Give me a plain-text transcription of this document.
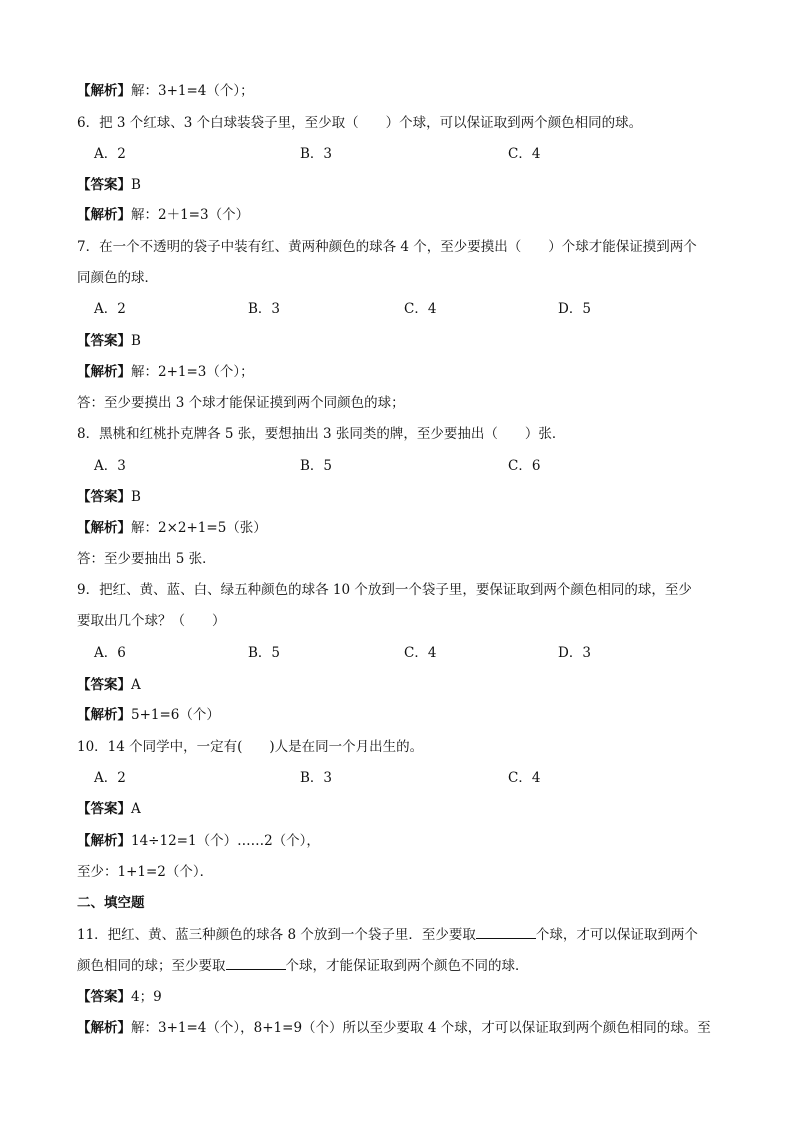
【解析】解：3+1=4（个）；
6．把 3 个红球、3 个白球装袋子里，至少取（　　）个球，可以保证取到两个颜色相同的球。
A．2	B．3	C．4
【答案】B
【解析】解：2＋1=3（个）
7．在一个不透明的袋子中装有红、黄两种颜色的球各 4 个，至少要摸出（　　）个球才能保证摸到两个
同颜色的球．
A．2	B．3	C．4	D．5
【答案】B
【解析】解：2+1=3（个）；
答：至少要摸出 3 个球才能保证摸到两个同颜色的球；
8．黑桃和红桃扑克牌各 5 张，要想抽出 3 张同类的牌，至少要抽出（　　）张．
A．3	B．5	C．6
【答案】B
【解析】解：2×2+1=5（张）
答：至少要抽出 5 张．
9．把红、黄、蓝、白、绿五种颜色的球各 10 个放到一个袋子里，要保证取到两个颜色相同的球，至少
要取出几个球？（　　）
A．6	B．5	C．4	D．3
【答案】A
【解析】5+1=6（个）
10．14 个同学中，一定有(　　)人是在同一个月出生的。
A．2	B．3	C．4
【答案】A
【解析】14÷12=1（个）……2（个），
至少：1+1=2（个）．
二、填空题
11．把红、黄、蓝三种颜色的球各 8 个放到一个袋子里．至少要取	个球，才可以保证取到两个
颜色相同的球；至少要取	个球，才能保证取到两个颜色不同的球．
【答案】4；9
【解析】解：3+1=4（个），8+1=9（个）所以至少要取 4 个球，才可以保证取到两个颜色相同的球。至
